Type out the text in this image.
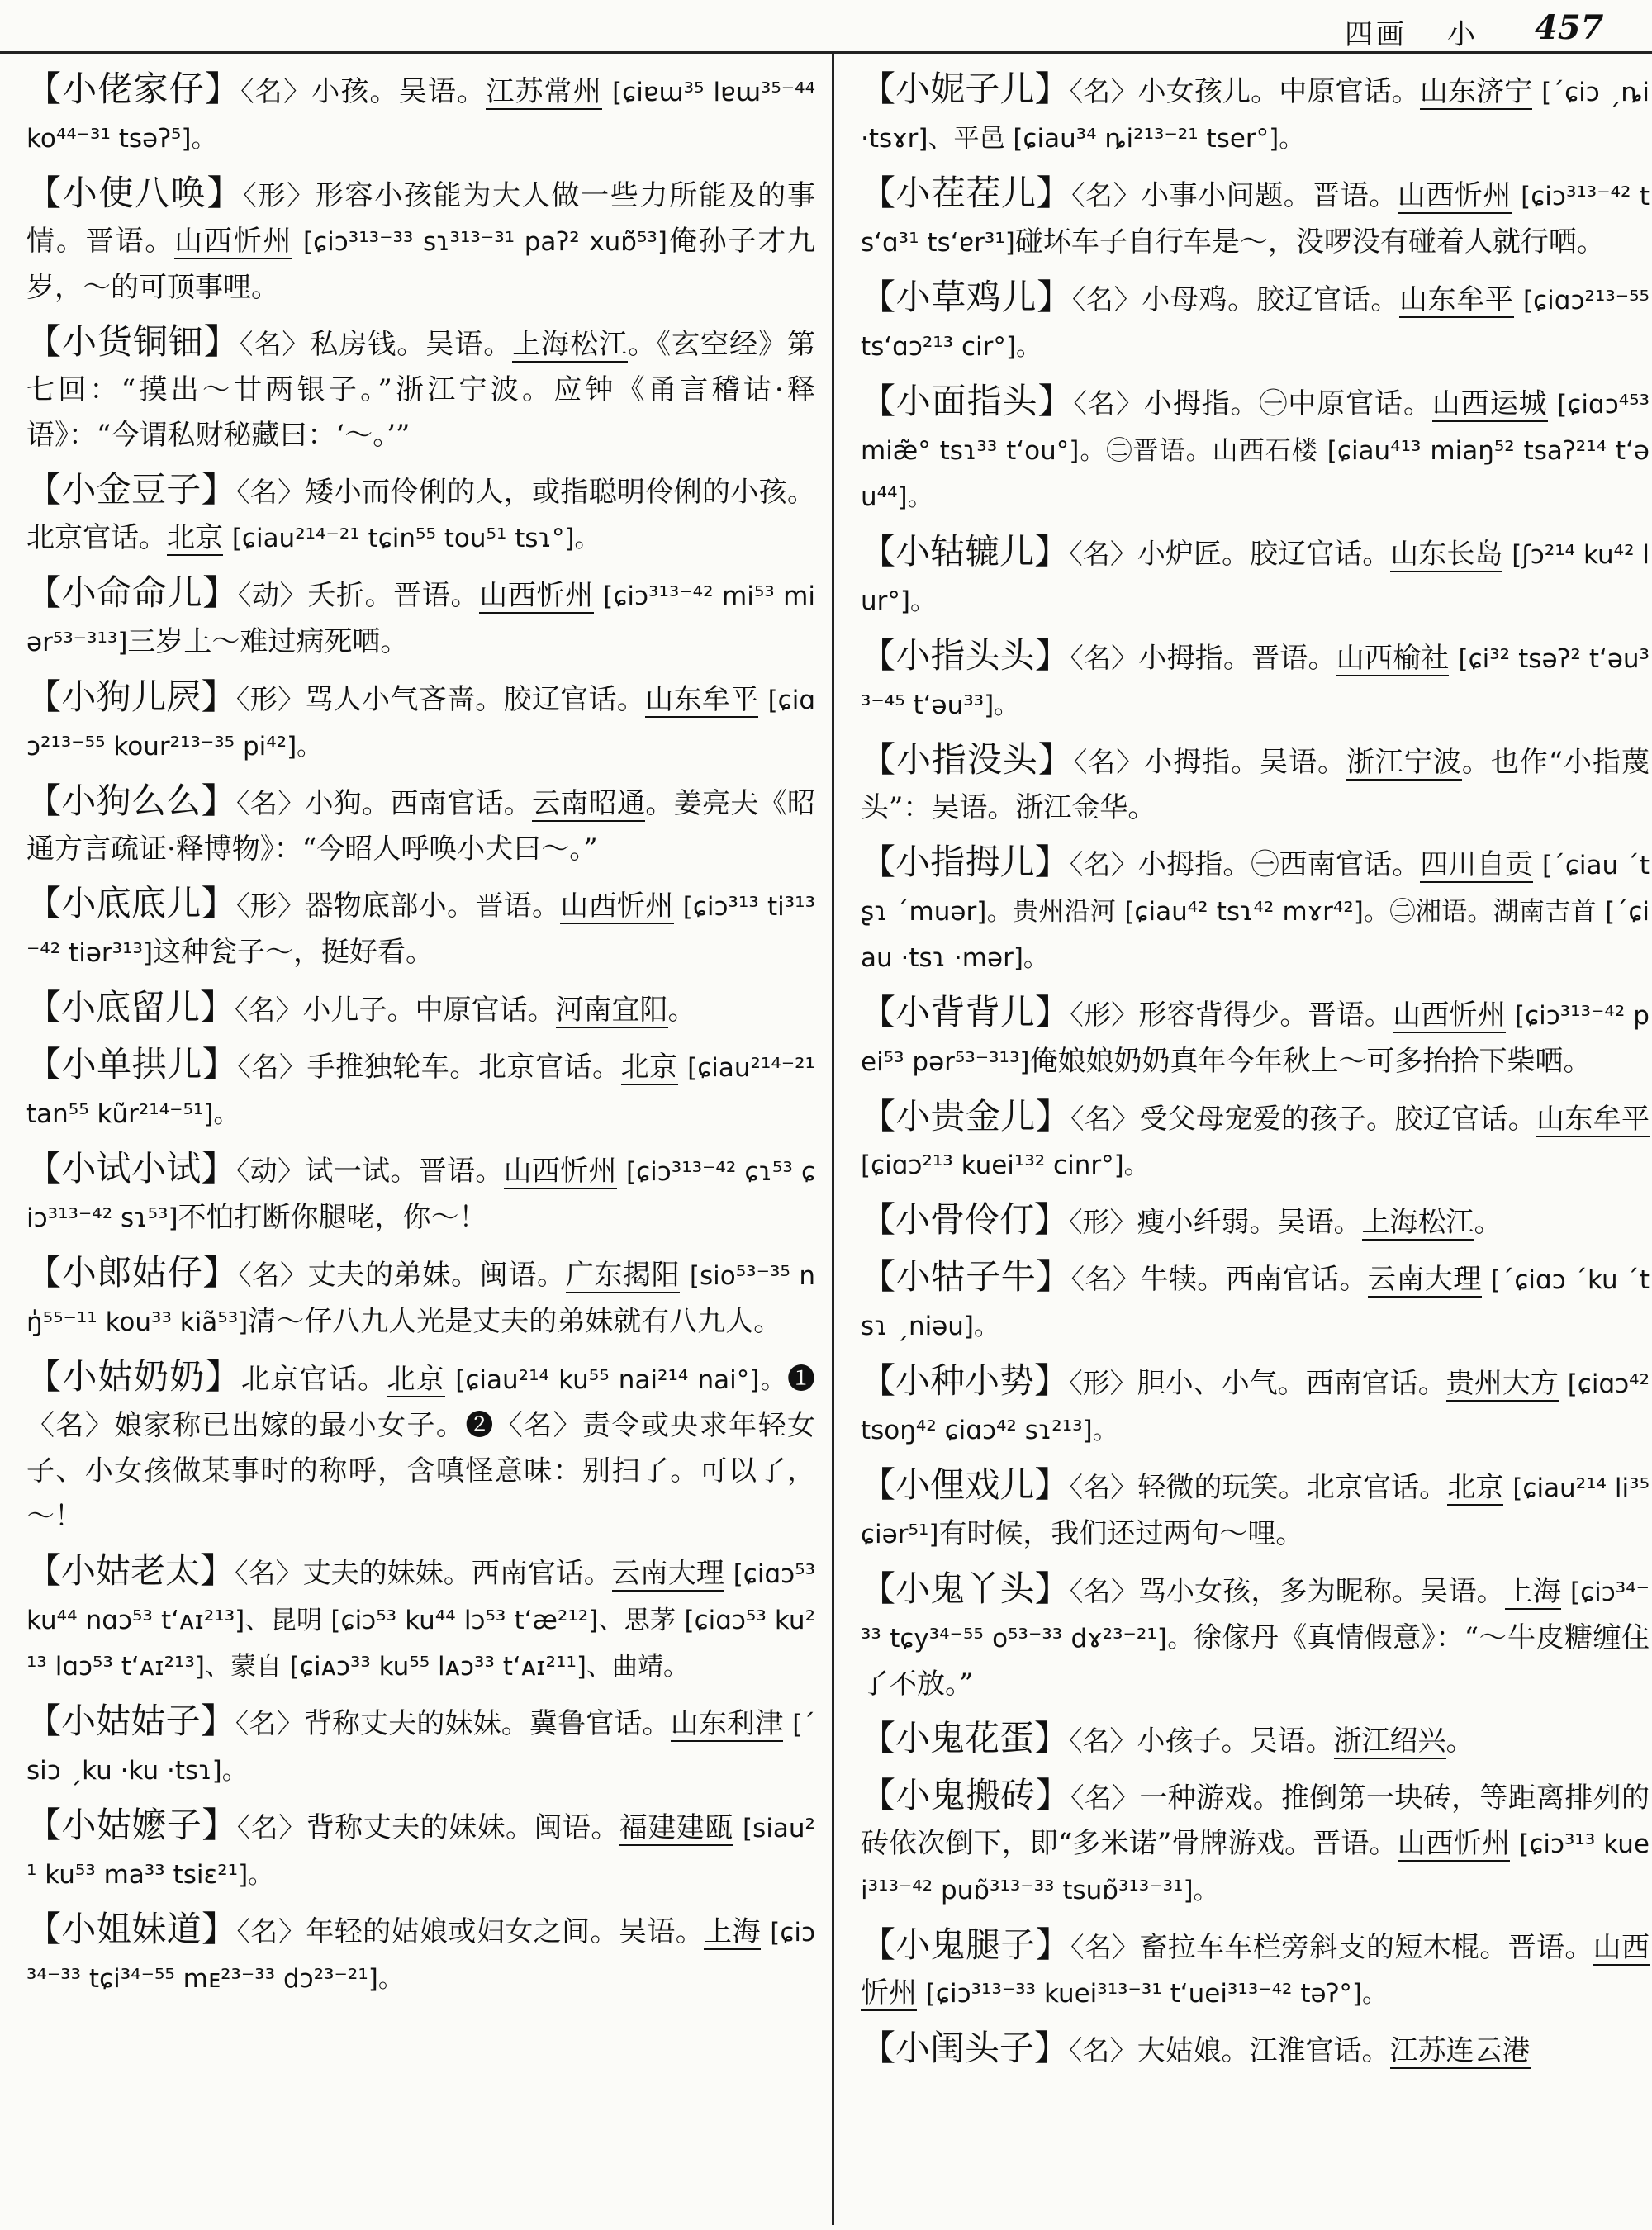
四画 小 457
【小佬家仔】〈名〉小孩。吴语。江苏常州 [ɕiɐɯ³⁵ lɐɯ³⁵⁻⁴⁴ ko⁴⁴⁻³¹ tsəʔ⁵]。
【小使八唤】〈形〉形容小孩能为大人做一些力所能及的事情。晋语。山西忻州 [ɕiɔ³¹³⁻³³ sɿ³¹³⁻³¹ paʔ² xuɒ̃⁵³]俺孙子才九岁，～的可顶事哩。
【小货铜钿】〈名〉私房钱。吴语。上海松江。《玄空经》第七回：“摸出～廿两银子。”浙江宁波。应钟《甬言稽诂·释语》：“今谓私财秘藏曰：‘～。’”
【小金豆子】〈名〉矮小而伶俐的人，或指聪明伶俐的小孩。北京官话。北京 [ɕiau²¹⁴⁻²¹ tɕin⁵⁵ tou⁵¹ tsɿ°]。
【小命命儿】〈动〉夭折。晋语。山西忻州 [ɕiɔ³¹³⁻⁴² mi⁵³ miər⁵³⁻³¹³]三岁上～难过病死哂。
【小狗儿屄】〈形〉骂人小气吝啬。胶辽官话。山东牟平 [ɕiɑɔ²¹³⁻⁵⁵ kour²¹³⁻³⁵ pi⁴²]。
【小狗么么】〈名〉小狗。西南官话。云南昭通。姜亮夫《昭通方言疏证·释博物》：“今昭人呼唤小犬曰～。”
【小底底儿】〈形〉器物底部小。晋语。山西忻州 [ɕiɔ³¹³ ti³¹³⁻⁴² tiər³¹³]这种瓮子～，挺好看。
【小底留儿】〈名〉小儿子。中原官话。河南宜阳。
【小单拱儿】〈名〉手推独轮车。北京官话。北京 [ɕiau²¹⁴⁻²¹ tan⁵⁵ kũr²¹⁴⁻⁵¹]。
【小试小试】〈动〉试一试。晋语。山西忻州 [ɕiɔ³¹³⁻⁴² ɕɿ⁵³ ɕiɔ³¹³⁻⁴² sɿ⁵³]不怕打断你腿咾，你～！
【小郎姑仔】〈名〉丈夫的弟妹。闽语。广东揭阳 [sio⁵³⁻³⁵ nŋ̍⁵⁵⁻¹¹ kou³³ kiã⁵³]清～仔八九人光是丈夫的弟妹就有八九人。
【小姑奶奶】北京官话。北京 [ɕiau²¹⁴ ku⁵⁵ nai²¹⁴ nai°]。❶〈名〉娘家称已出嫁的最小女子。❷〈名〉责令或央求年轻女子、小女孩做某事时的称呼，含嗔怪意味：别扫了。可以了，～！
【小姑老太】〈名〉丈夫的妹妹。西南官话。云南大理 [ɕiɑɔ⁵³ ku⁴⁴ nɑɔ⁵³ tʻᴀɪ²¹³]、昆明 [ɕiɔ⁵³ ku⁴⁴ lɔ⁵³ tʻæ²¹²]、思茅 [ɕiɑɔ⁵³ ku²¹³ lɑɔ⁵³ tʻᴀɪ²¹³]、蒙自 [ɕiᴀɔ³³ ku⁵⁵ lᴀɔ³³ tʻᴀɪ²¹¹]、曲靖。
【小姑姑子】〈名〉背称丈夫的妹妹。冀鲁官话。山东利津 [ˊsiɔ ˏku ·ku ·tsɿ]。
【小姑嬷子】〈名〉背称丈夫的妹妹。闽语。福建建瓯 [siau²¹ ku⁵³ ma³³ tsiɛ²¹]。
【小姐妹道】〈名〉年轻的姑娘或妇女之间。吴语。上海 [ɕiɔ³⁴⁻³³ tɕi³⁴⁻⁵⁵ mᴇ²³⁻³³ dɔ²³⁻²¹]。
【小妮子儿】〈名〉小女孩儿。中原官话。山东济宁 [ˊɕiɔ ˏȵi ·tsɤr]、平邑 [ɕiau³⁴ ȵi²¹³⁻²¹ tser°]。
【小茬茬儿】〈名〉小事小问题。晋语。山西忻州 [ɕiɔ³¹³⁻⁴² tsʻɑ³¹ tsʻɐr³¹]碰坏车子自行车是～，没啰没有碰着人就行哂。
【小草鸡儿】〈名〉小母鸡。胶辽官话。山东牟平 [ɕiɑɔ²¹³⁻⁵⁵ tsʻɑɔ²¹³ cir°]。
【小面指头】〈名〉小拇指。㊀中原官话。山西运城 [ɕiɑɔ⁴⁵³ miæ̃° tsɿ³³ tʻou°]。㊁晋语。山西石楼 [ɕiau⁴¹³ miaŋ⁵² tsaʔ²¹⁴ tʻəu⁴⁴]。
【小轱辘儿】〈名〉小炉匠。胶辽官话。山东长岛 [ʃɔ²¹⁴ ku⁴² lur°]。
【小指头头】〈名〉小拇指。晋语。山西榆社 [ɕi³² tsəʔ² tʻəu³³⁻⁴⁵ tʻəu³³]。
【小指没头】〈名〉小拇指。吴语。浙江宁波。也作“小指蔑头”：吴语。浙江金华。
【小指拇儿】〈名〉小拇指。㊀西南官话。四川自贡 [ˊɕiau ˊtʂɿ ˊmuər]。贵州沿河 [ɕiau⁴² tsɿ⁴² mɤr⁴²]。㊁湘语。湖南吉首 [ˊɕiau ·tsɿ ·mər]。
【小背背儿】〈形〉形容背得少。晋语。山西忻州 [ɕiɔ³¹³⁻⁴² pei⁵³ pər⁵³⁻³¹³]俺娘娘奶奶真年今年秋上～可多抬拾下柴哂。
【小贵金儿】〈名〉受父母宠爱的孩子。胶辽官话。山东牟平 [ɕiɑɔ²¹³ kuei¹³² cinr°]。
【小骨伶仃】〈形〉瘦小纤弱。吴语。上海松江。
【小牯子牛】〈名〉牛犊。西南官话。云南大理 [ˊɕiɑɔ ˊku ˊtsɿ ˏniəu]。
【小种小势】〈形〉胆小、小气。西南官话。贵州大方 [ɕiɑɔ⁴² tsoŋ⁴² ɕiɑɔ⁴² sɿ²¹³]。
【小俚戏儿】〈名〉轻微的玩笑。北京官话。北京 [ɕiau²¹⁴ li³⁵ ɕiər⁵¹]有时候，我们还过两句～哩。
【小鬼丫头】〈名〉骂小女孩，多为昵称。吴语。上海 [ɕiɔ³⁴⁻³³ tɕy³⁴⁻⁵⁵ o⁵³⁻³³ dɤ²³⁻²¹]。徐傢丹《真情假意》：“～牛皮糖缠住了不放。”
【小鬼花蛋】〈名〉小孩子。吴语。浙江绍兴。
【小鬼搬砖】〈名〉一种游戏。推倒第一块砖，等距离排列的砖依次倒下，即“多米诺”骨牌游戏。晋语。山西忻州 [ɕiɔ³¹³ kuei³¹³⁻⁴² puɒ̃³¹³⁻³³ tsuɒ̃³¹³⁻³¹]。
【小鬼腿子】〈名〉畜拉车车栏旁斜支的短木棍。晋语。山西忻州 [ɕiɔ³¹³⁻³³ kuei³¹³⁻³¹ tʻuei³¹³⁻⁴² təʔ°]。
【小闺头子】〈名〉大姑娘。江淮官话。江苏连云港
